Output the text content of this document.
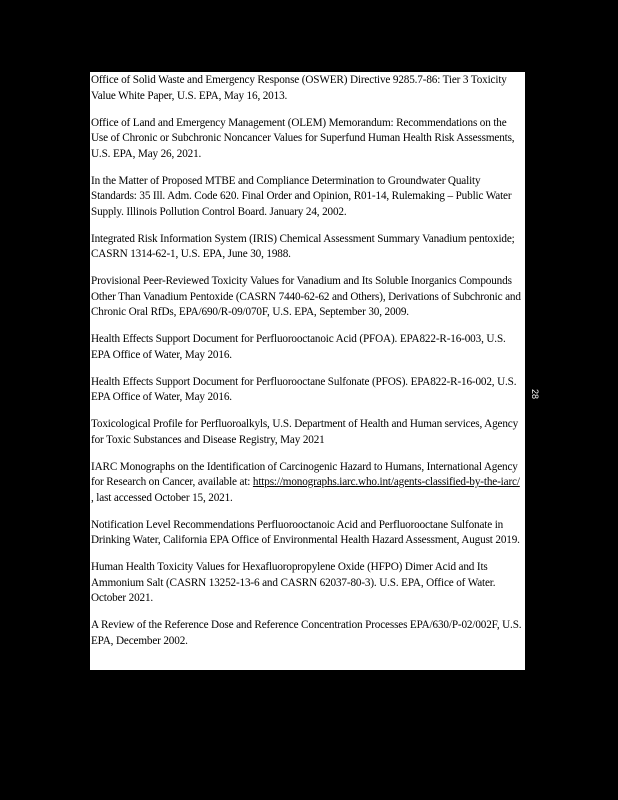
Office of Solid Waste and Emergency Response (OSWER) Directive 9285.7-86: Tier 3 Toxicity Value White Paper, U.S. EPA, May 16, 2013.
Office of Land and Emergency Management (OLEM) Memorandum: Recommendations on the Use of Chronic or Subchronic Noncancer Values for Superfund Human Health Risk Assessments, U.S. EPA, May 26, 2021.
In the Matter of Proposed MTBE and Compliance Determination to Groundwater Quality Standards: 35 Ill. Adm. Code 620. Final Order and Opinion, R01-14, Rulemaking – Public Water Supply. Illinois Pollution Control Board. January 24, 2002.
Integrated Risk Information System (IRIS) Chemical Assessment Summary Vanadium pentoxide; CASRN 1314-62-1, U.S. EPA, June 30, 1988.
Provisional Peer-Reviewed Toxicity Values for Vanadium and Its Soluble Inorganics Compounds Other Than Vanadium Pentoxide (CASRN 7440-62-62 and Others), Derivations of Subchronic and Chronic Oral RfDs, EPA/690/R-09/070F, U.S. EPA, September 30, 2009.
Health Effects Support Document for Perfluorooctanoic Acid (PFOA). EPA822-R-16-003, U.S. EPA Office of Water, May 2016.
Health Effects Support Document for Perfluorooctane Sulfonate (PFOS). EPA822-R-16-002, U.S. EPA Office of Water, May 2016.
Toxicological Profile for Perfluoroalkyls, U.S. Department of Health and Human services, Agency for Toxic Substances and Disease Registry, May 2021
IARC Monographs on the Identification of Carcinogenic Hazard to Humans, International Agency for Research on Cancer, available at: https://monographs.iarc.who.int/agents-classified-by-the-iarc/ , last accessed October 15, 2021.
Notification Level Recommendations Perfluorooctanoic Acid and Perfluorooctane Sulfonate in Drinking Water, California EPA Office of Environmental Health Hazard Assessment, August 2019.
Human Health Toxicity Values for Hexafluoropropylene Oxide (HFPO) Dimer Acid and Its Ammonium Salt (CASRN 13252-13-6 and CASRN 62037-80-3). U.S. EPA, Office of Water. October 2021.
A Review of the Reference Dose and Reference Concentration Processes EPA/630/P-02/002F, U.S. EPA, December 2002.
28
